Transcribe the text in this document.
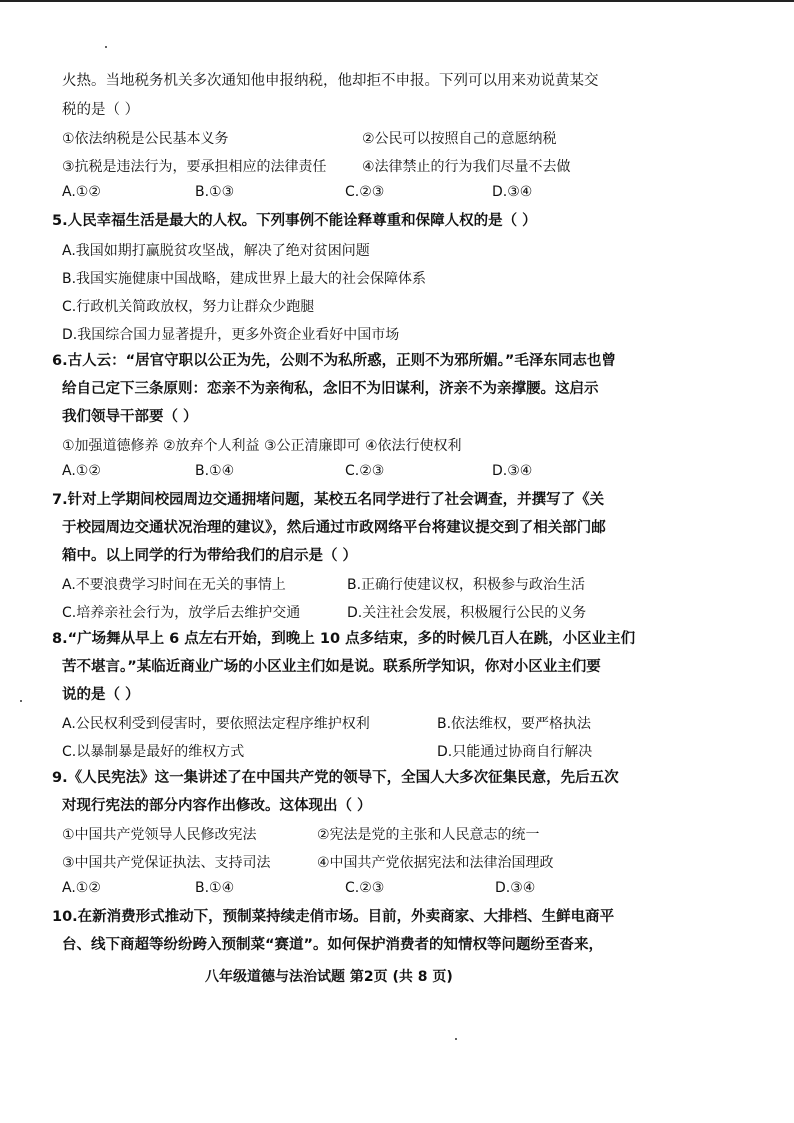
火热。当地税务机关多次通知他申报纳税，他却拒不申报。下列可以用来劝说黄某交

税的是（ ）

①依法纳税是公民基本义务	②公民可以按照自己的意愿纳税
③抗税是违法行为，要承担相应的法律责任	④法律禁止的行为我们尽量不去做
A.①②	B.①③	C.②③	D.③④

5.人民幸福生活是最大的人权。下列事例不能诠释尊重和保障人权的是（ ）

A.我国如期打赢脱贫攻坚战，解决了绝对贫困问题
B.我国实施健康中国战略，建成世界上最大的社会保障体系
C.行政机关简政放权，努力让群众少跑腿
D.我国综合国力显著提升，更多外资企业看好中国市场

6.古人云：“居官守职以公正为先，公则不为私所惑，正则不为邪所媚。”毛泽东同志也曾

给自己定下三条原则：恋亲不为亲徇私，念旧不为旧谋利，济亲不为亲撑腰。这启示

我们领导干部要（ ）

①加强道德修养 ②放弃个人利益 ③公正清廉即可 ④依法行使权利
A.①②	B.①④	C.②③	D.③④

7.针对上学期间校园周边交通拥堵问题，某校五名同学进行了社会调查，并撰写了《关

于校园周边交通状况治理的建议》，然后通过市政网络平台将建议提交到了相关部门邮

箱中。以上同学的行为带给我们的启示是（ ）

A.不要浪费学习时间在无关的事情上	B.正确行使建议权，积极参与政治生活
C.培养亲社会行为，放学后去维护交通	D.关注社会发展，积极履行公民的义务

8.“广场舞从早上 6 点左右开始，到晚上 10 点多结束，多的时候几百人在跳，小区业主们

苦不堪言。”某临近商业广场的小区业主们如是说。联系所学知识，你对小区业主们要

说的是（ ）

A.公民权利受到侵害时，要依照法定程序维护权利	B.依法维权，要严格执法
C.以暴制暴是最好的维权方式	D.只能通过协商自行解决

9.《人民宪法》这一集讲述了在中国共产党的领导下，全国人大多次征集民意，先后五次

对现行宪法的部分内容作出修改。这体现出（ ）

①中国共产党领导人民修改宪法	②宪法是党的主张和人民意志的统一
③中国共产党保证执法、支持司法	④中国共产党依据宪法和法律治国理政
A.①②	B.①④	C.②③	D.③④

10.在新消费形式推动下，预制菜持续走俏市场。目前，外卖商家、大排档、生鲜电商平

台、线下商超等纷纷跨入预制菜“赛道”。如何保护消费者的知情权等问题纷至沓来，

八年级道德与法治试题 第2页 (共 8 页)
